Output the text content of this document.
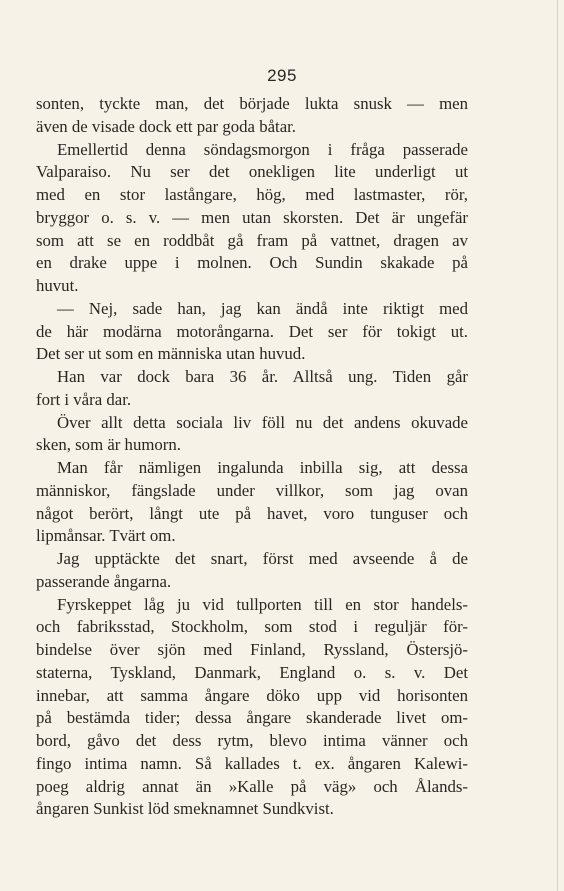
295
sonten, tyckte man, det började lukta snusk — men
även de visade dock ett par goda båtar.
Emellertid denna söndagsmorgon i fråga passerade
Valparaiso. Nu ser det onekligen lite underligt ut
med en stor lastångare, hög, med lastmaster, rör,
bryggor o. s. v. — men utan skorsten. Det är ungefär
som att se en roddbåt gå fram på vattnet, dragen av
en drake uppe i molnen. Och Sundin skakade på
huvut.
— Nej, sade han, jag kan ändå inte riktigt med
de här modärna motorångarna. Det ser för tokigt ut.
Det ser ut som en människa utan huvud.
Han var dock bara 36 år. Alltså ung. Tiden går
fort i våra dar.
Över allt detta sociala liv föll nu det andens okuvade
sken, som är humorn.
Man får nämligen ingalunda inbilla sig, att dessa
människor, fängslade under villkor, som jag ovan
något berört, långt ute på havet, voro tunguser och
lipmånsar. Tvärt om.
Jag upptäckte det snart, först med avseende å de
passerande ångarna.
Fyrskeppet låg ju vid tullporten till en stor handels-
och fabriksstad, Stockholm, som stod i reguljär för-
bindelse över sjön med Finland, Ryssland, Östersjö-
staterna, Tyskland, Danmark, England o. s. v. Det
innebar, att samma ångare döko upp vid horisonten
på bestämda tider; dessa ångare skanderade livet om-
bord, gåvo det dess rytm, blevo intima vänner och
fingo intima namn. Så kallades t. ex. ångaren Kalewi-
poeg aldrig annat än »Kalle på väg» och Ålands-
ångaren Sunkist löd smeknamnet Sundkvist.
